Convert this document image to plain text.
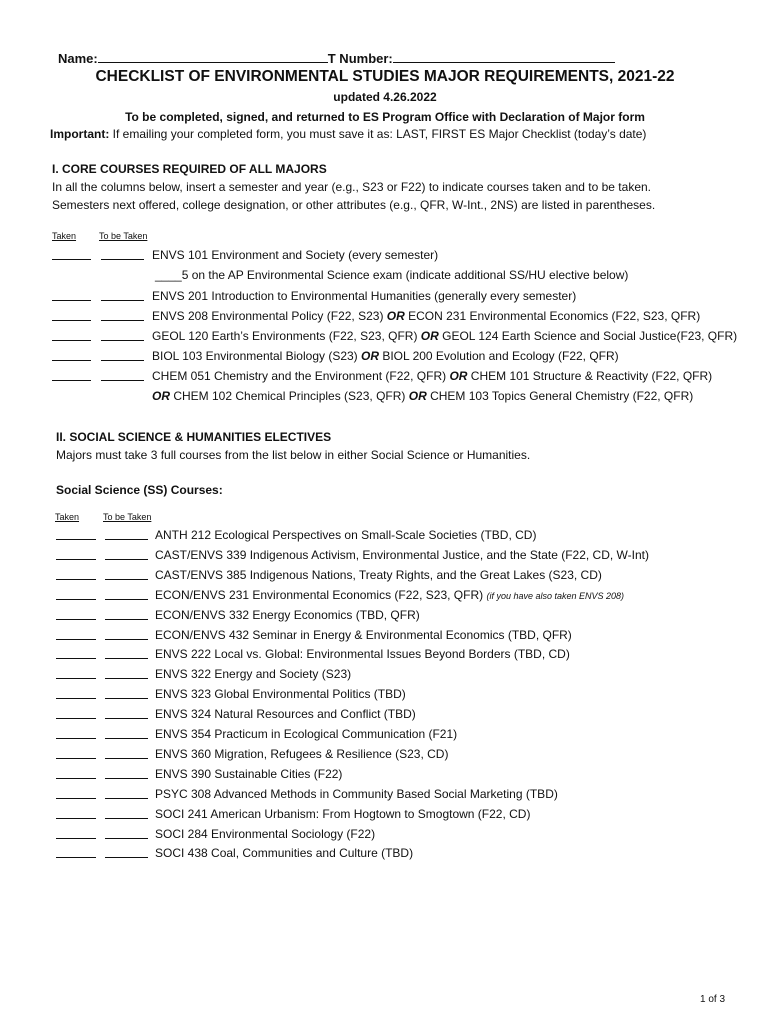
Name:	T Number:
CHECKLIST OF ENVIRONMENTAL STUDIES MAJOR REQUIREMENTS, 2021-22
updated 4.26.2022
To be completed, signed, and returned to ES Program Office with Declaration of Major form
Important: If emailing your completed form, you must save it as: LAST, FIRST ES Major Checklist (today’s date)
I. CORE COURSES REQUIRED OF ALL MAJORS
In all the columns below, insert a semester and year (e.g., S23 or F22) to indicate courses taken and to be taken.
Semesters next offered, college designation, or other attributes (e.g., QFR, W-Int., 2NS) are listed in parentheses.
Taken	To be Taken
ENVS 101 Environment and Society (every semester)
____5 on the AP Environmental Science exam (indicate additional SS/HU elective below)
ENVS 201 Introduction to Environmental Humanities (generally every semester)
ENVS 208 Environmental Policy (F22, S23) OR ECON 231 Environmental Economics (F22, S23, QFR)
GEOL 120 Earth’s Environments (F22, S23, QFR) OR GEOL 124 Earth Science and Social Justice(F23, QFR)
BIOL 103 Environmental Biology (S23) OR BIOL 200 Evolution and Ecology (F22, QFR)
CHEM 051 Chemistry and the Environment (F22, QFR) OR CHEM 101 Structure & Reactivity (F22, QFR)
OR CHEM 102 Chemical Principles (S23, QFR) OR CHEM 103 Topics General Chemistry (F22, QFR)
II. SOCIAL SCIENCE & HUMANITIES ELECTIVES
Majors must take 3 full courses from the list below in either Social Science or Humanities.
Social Science (SS) Courses:
Taken	To be Taken
ANTH 212 Ecological Perspectives on Small-Scale Societies (TBD, CD)
CAST/ENVS 339 Indigenous Activism, Environmental Justice, and the State (F22, CD, W-Int)
CAST/ENVS 385 Indigenous Nations, Treaty Rights, and the Great Lakes (S23, CD)
ECON/ENVS 231 Environmental Economics (F22, S23, QFR) (if you have also taken ENVS 208)
ECON/ENVS 332 Energy Economics (TBD, QFR)
ECON/ENVS 432 Seminar in Energy & Environmental Economics (TBD, QFR)
ENVS 222 Local vs. Global: Environmental Issues Beyond Borders (TBD, CD)
ENVS 322 Energy and Society (S23)
ENVS 323 Global Environmental Politics (TBD)
ENVS 324 Natural Resources and Conflict (TBD)
ENVS 354 Practicum in Ecological Communication (F21)
ENVS 360 Migration, Refugees & Resilience (S23, CD)
ENVS 390 Sustainable Cities (F22)
PSYC 308 Advanced Methods in Community Based Social Marketing (TBD)
SOCI 241 American Urbanism: From Hogtown to Smogtown (F22, CD)
SOCI 284 Environmental Sociology (F22)
SOCI 438 Coal, Communities and Culture (TBD)
1 of 3
